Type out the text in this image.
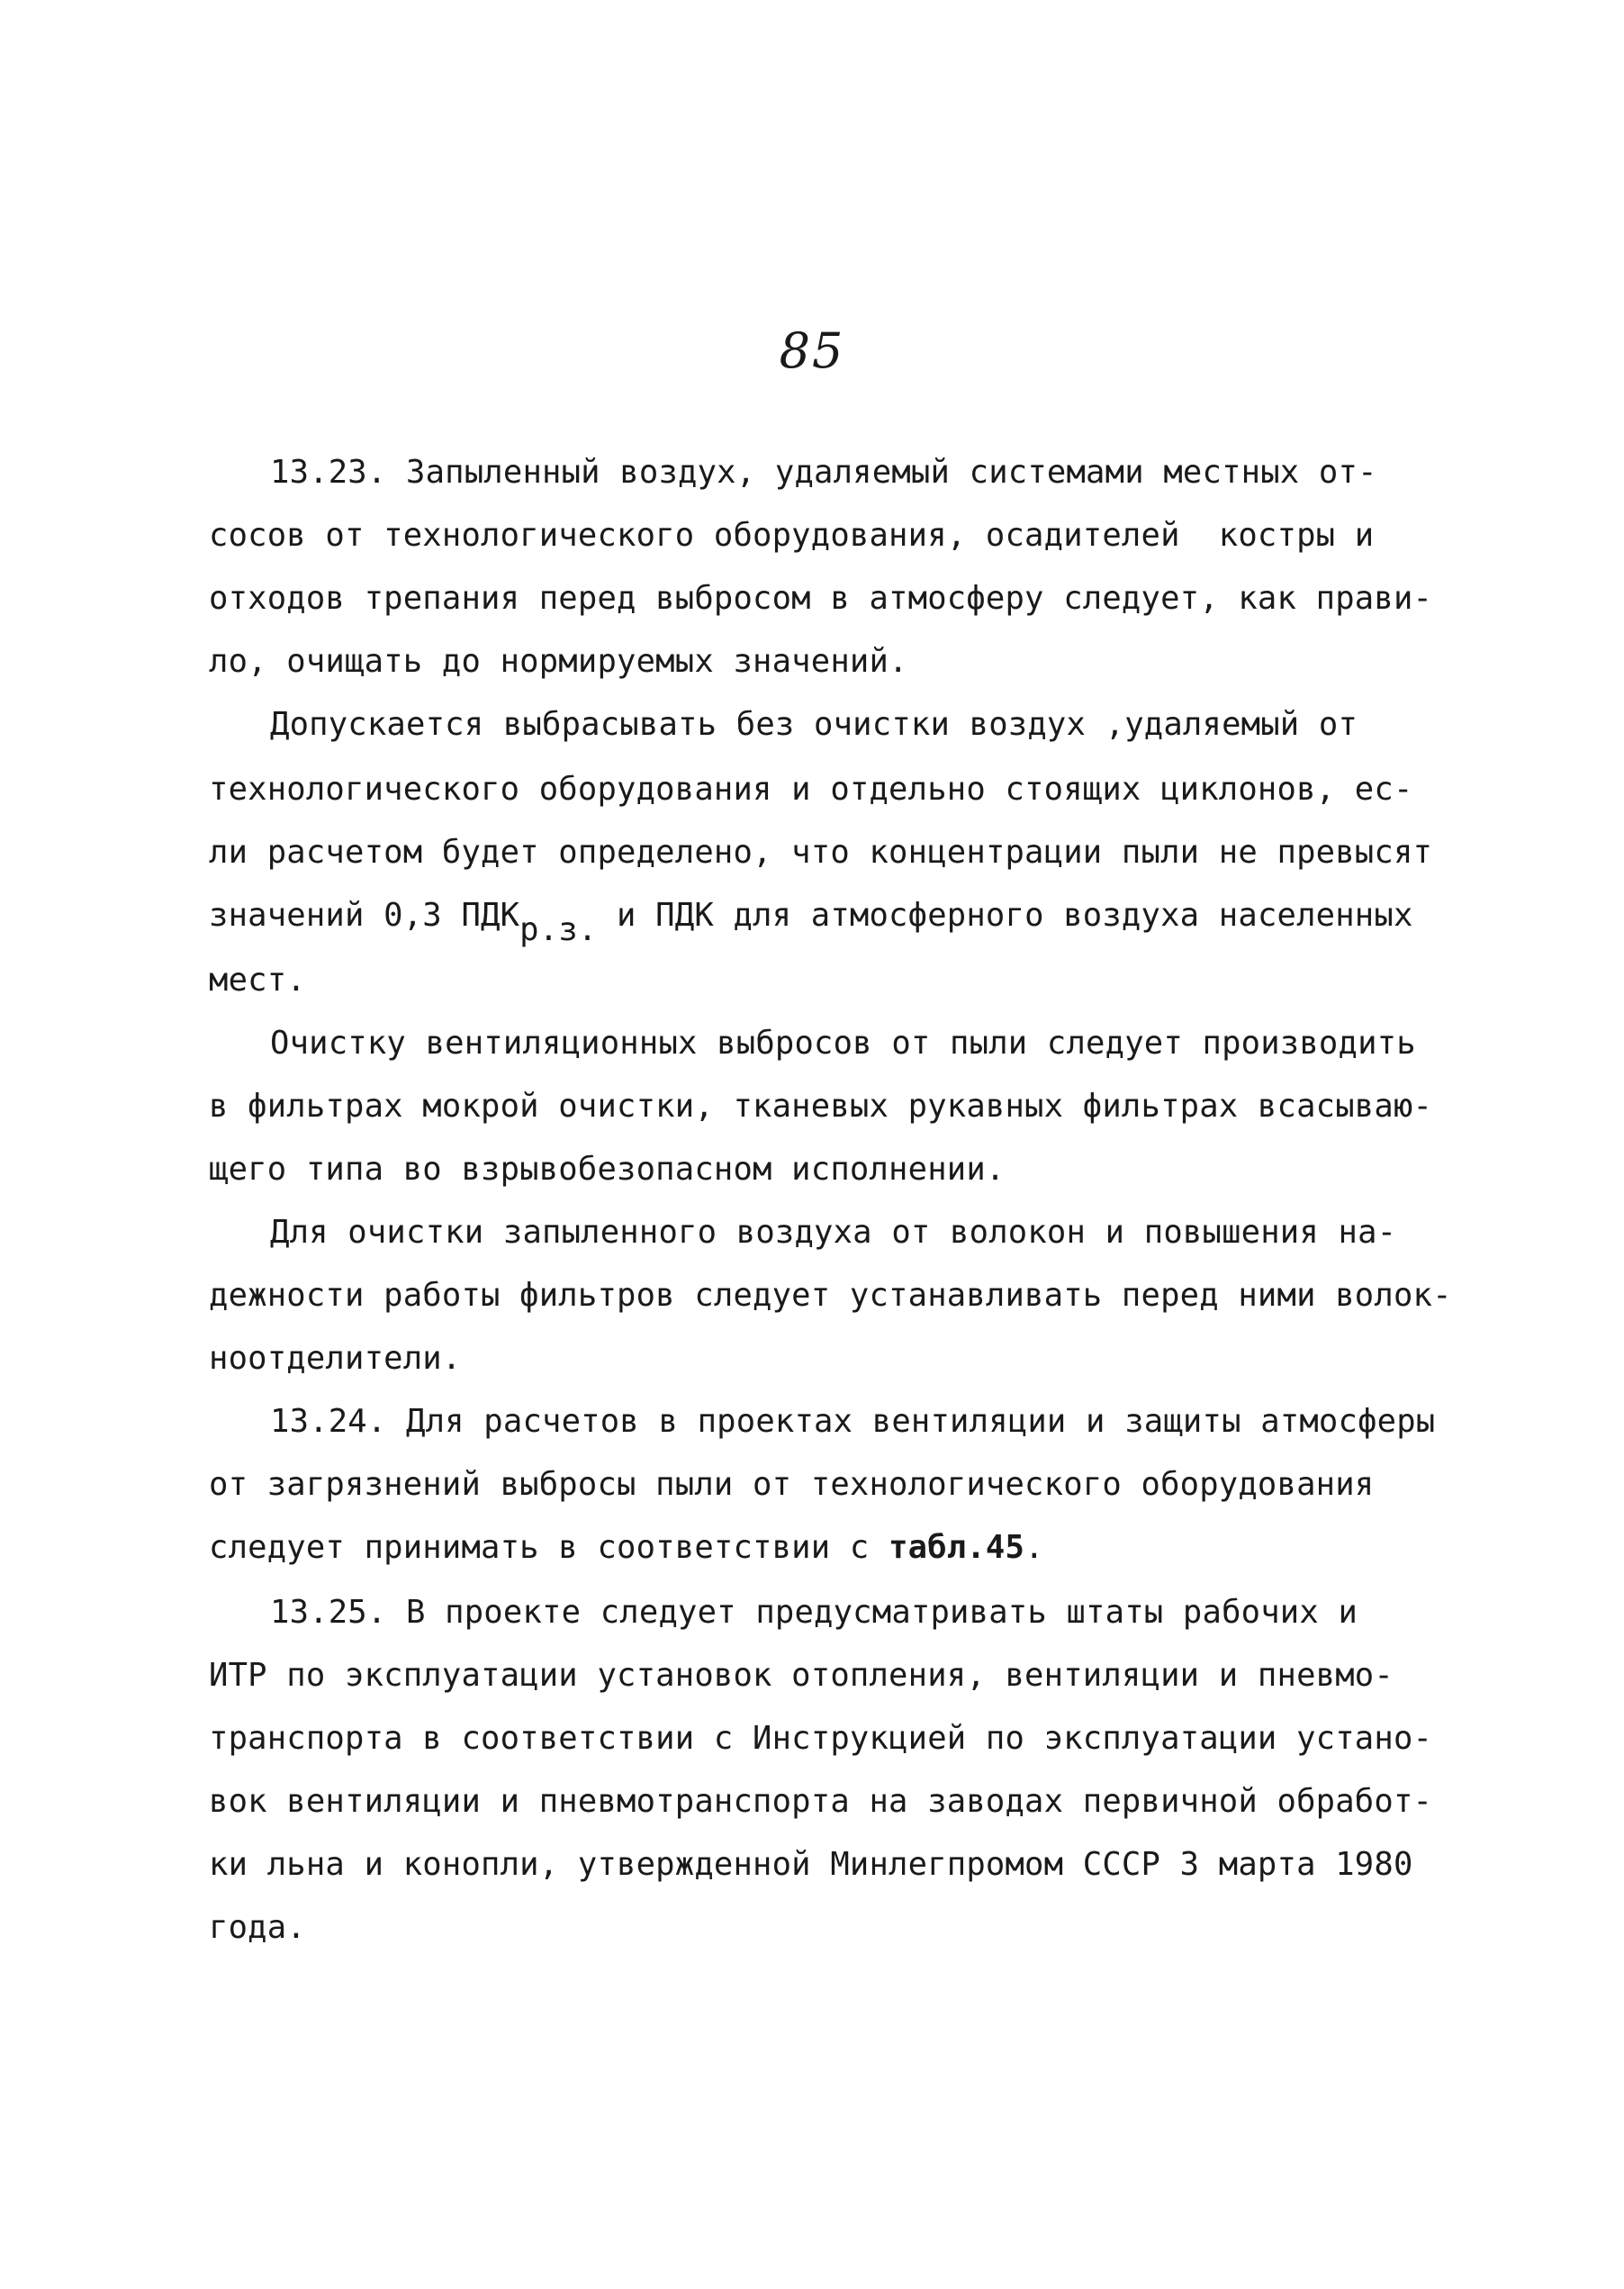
85
13.23. Запыленный воздух, удаляемый системами местных от-
сосов от технологического оборудования, осадителей  костры и
отходов трепания перед выбросом в атмосферу следует, как прави-
ло, очищать до нормируемых значений.
Допускается выбрасывать без очистки воздух ,удаляемый от
технологического оборудования и отдельно стоящих циклонов, ес-
ли расчетом будет определено, что концентрации пыли не превысят
значений 0,3 ПДКр.з. и ПДК для атмосферного воздуха населенных
мест.
Очистку вентиляционных выбросов от пыли следует производить
в фильтрах мокрой очистки, тканевых рукавных фильтрах всасываю-
щего типа во взрывобезопасном исполнении.
Для очистки запыленного воздуха от волокон и повышения на-
дежности работы фильтров следует устанавливать перед ними волок-
ноотделители.
13.24. Для расчетов в проектах вентиляции и защиты атмосферы
от загрязнений выбросы пыли от технологического оборудования
следует принимать в соответствии с табл.45.
13.25. В проекте следует предусматривать штаты рабочих и
ИТР по эксплуатации установок отопления, вентиляции и пневмо-
транспорта в соответствии с Инструкцией по эксплуатации устано-
вок вентиляции и пневмотранспорта на заводах первичной обработ-
ки льна и конопли, утвержденной Минлегпромом СССР 3 марта 1980
года.
